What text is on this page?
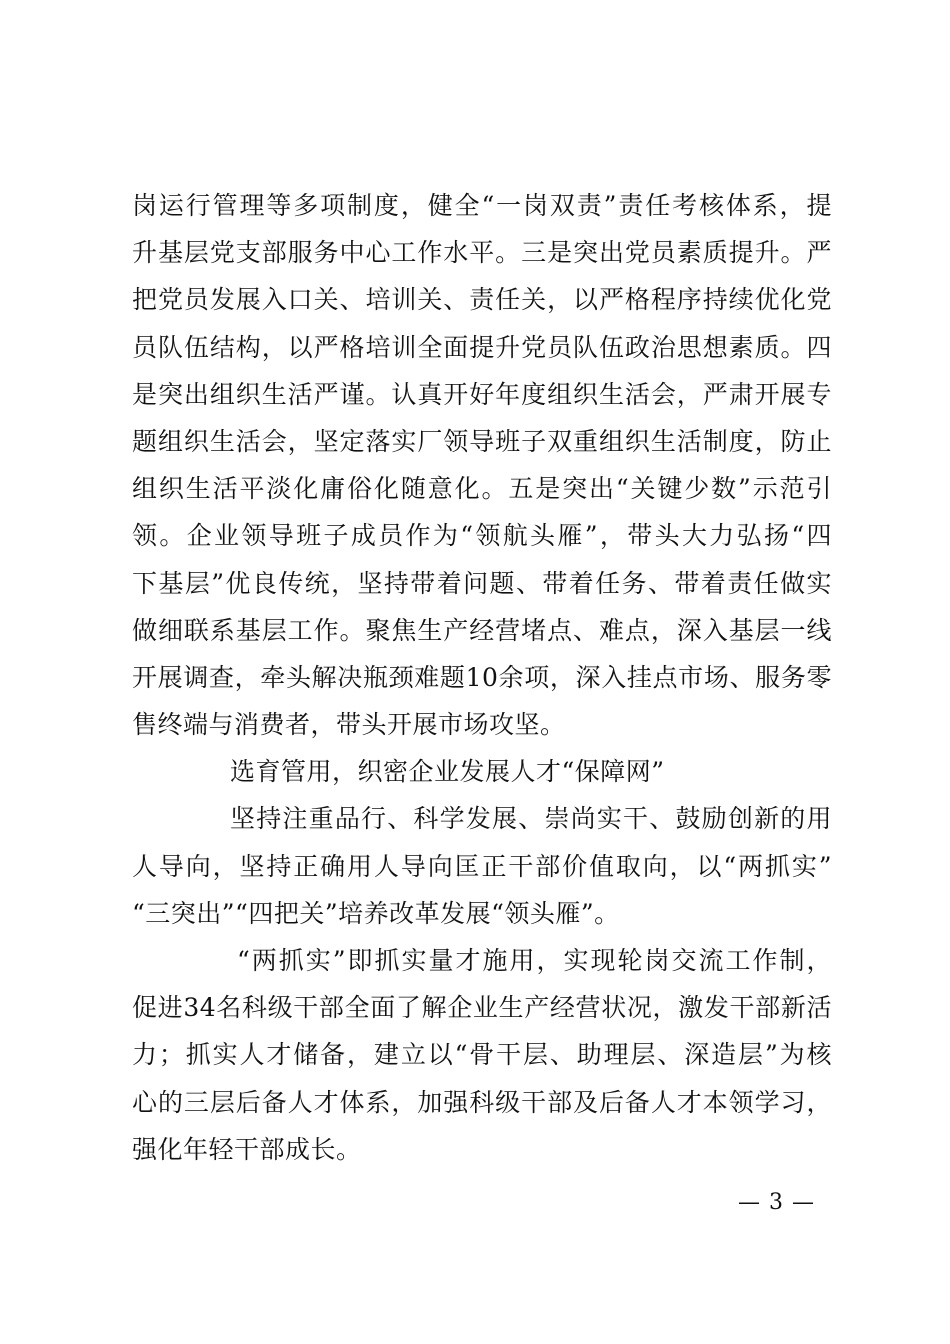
岗运行管理等多项制度，健全“一岗双责”责任考核体系，提
升基层党支部服务中心工作水平。三是突出党员素质提升。严
把党员发展入口关、培训关、责任关，以严格程序持续优化党
员队伍结构，以严格培训全面提升党员队伍政治思想素质。四
是突出组织生活严谨。认真开好年度组织生活会，严肃开展专
题组织生活会，坚定落实厂领导班子双重组织生活制度，防止
组织生活平淡化庸俗化随意化。五是突出“关键少数”示范引
领。企业领导班子成员作为“领航头雁”，带头大力弘扬“四
下基层”优良传统，坚持带着问题、带着任务、带着责任做实
做细联系基层工作。聚焦生产经营堵点、难点，深入基层一线
开展调查，牵头解决瓶颈难题10余项，深入挂点市场、服务零
售终端与消费者，带头开展市场攻坚。
选育管用，织密企业发展人才“保障网”
坚持注重品行、科学发展、崇尚实干、鼓励创新的用
人导向，坚持正确用人导向匡正干部价值取向，以“两抓实”
“三突出”“四把关”培养改革发展“领头雁”。
“两抓实”即抓实量才施用，实现轮岗交流工作制，
促进34名科级干部全面了解企业生产经营状况，激发干部新活
力；抓实人才储备，建立以“骨干层、助理层、深造层”为核
心的三层后备人才体系，加强科级干部及后备人才本领学习，
强化年轻干部成长。
— 3 —
